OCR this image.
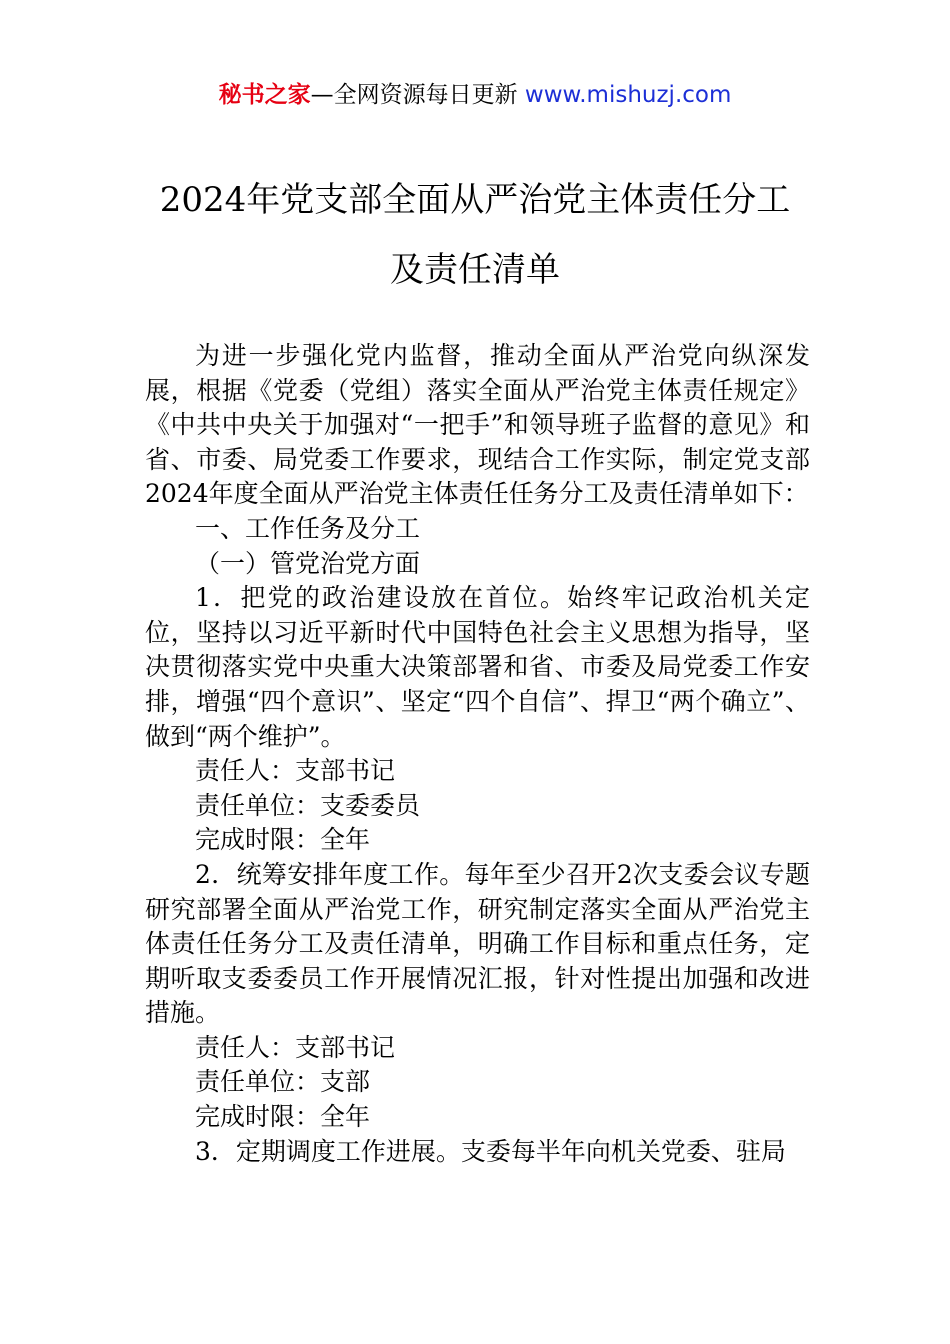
秘书之家—全网资源每日更新 www.mishuzj.com
2024年党支部全面从严治党主体责任分工
及责任清单

为进一步强化党内监督，推动全面从严治党向纵深发展，根据《党委（党组）落实全面从严治党主体责任规定》《中共中央关于加强对“一把手”和领导班子监督的意见》和省、市委、局党委工作要求，现结合工作实际，制定党支部2024年度全面从严治党主体责任任务分工及责任清单如下：

一、工作任务及分工

（一）管党治党方面

1．把党的政治建设放在首位。始终牢记政治机关定位，坚持以习近平新时代中国特色社会主义思想为指导，坚决贯彻落实党中央重大决策部署和省、市委及局党委工作安排，增强“四个意识”、坚定“四个自信”、捍卫“两个确立”、做到“两个维护”。

责任人：支部书记

责任单位：支委委员

完成时限：全年

2．统筹安排年度工作。每年至少召开2次支委会议专题研究部署全面从严治党工作，研究制定落实全面从严治党主体责任任务分工及责任清单，明确工作目标和重点任务，定期听取支委委员工作开展情况汇报，针对性提出加强和改进措施。

责任人：支部书记

责任单位：支部

完成时限：全年

3．定期调度工作进展。支委每半年向机关党委、驻局
